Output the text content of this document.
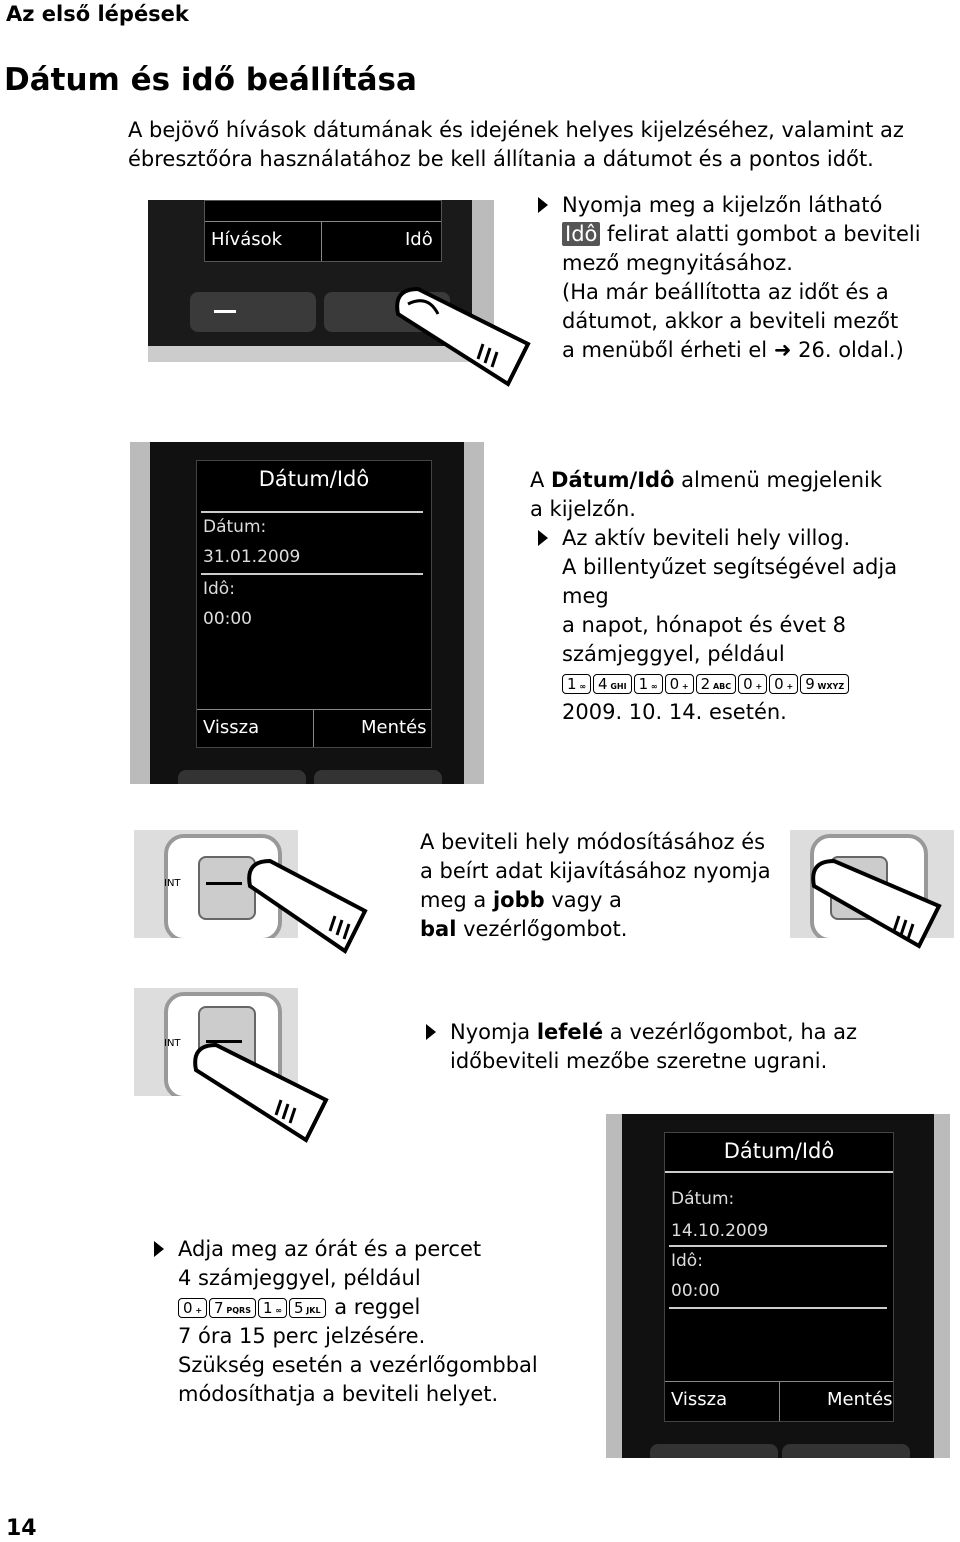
Az első lépések
Dátum és idő beállítása
A bejövő hívások dátumának és idejének helyes kijelzéséhez, valamint az
ébresztőóra használatához be kell állítania a dátumot és a pontos időt.
Hívások	Idô
Nyomja meg a kijelzőn látható
Idô felirat alatti gombot a beviteli
mező megnyitásához.
(Ha már beállította az időt és a
dátumot, akkor a beviteli mezőt
a menüből érheti el ➜ 26. oldal.)
Dátum/Idô
Dátum:
31.01.2009
Idô:
00:00
Vissza	Mentés
A Dátum/Idô almenü megjelenik
a kijelzőn.
Az aktív beviteli hely villog.
A billentyűzet segítségével adja meg
a napot, hónapot és évet 8
számjeggyel, például
1 ∞ 4 GHI 1 ∞ 0 + 2 ABC 0 + 0 + 9 WXYZ
2009. 10. 14. esetén.
INT
A beviteli hely módosításához és
a beírt adat kijavításához nyomja
meg a jobb vagy a
bal vezérlőgombot.
INT	Nyomja lefelé a vezérlőgombot, ha az
időbeviteli mezőbe szeretne ugrani.
Adja meg az órát és a percet
4 számjeggyel, például
0 + 7 PQRS 1 ∞ 5 JKL a reggel
7 óra 15 perc jelzésére.
Szükség esetén a vezérlőgombbal
módosíthatja a beviteli helyet.
Dátum/Idô
Dátum:
14.10.2009
Idô:
00:00
Vissza	Mentés
14
